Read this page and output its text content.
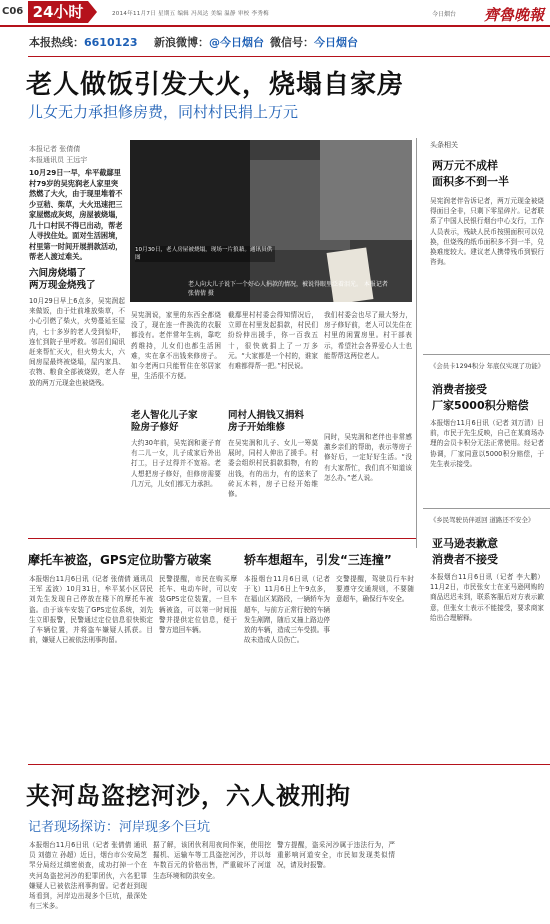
C06 24小时	2014年11月7日 星期五 编辑 冯凤达 美编 温静 审校 李秀梅	今日烟台 齊魯晚報
本报热线：6610123 新浪微博：@今日烟台 微信号：今日烟台
老人做饭引发大火，烧塌自家房
儿女无力承担修房费，同村村民捐上万元
本报记者 张倩倩
本报通讯员 王远宇
10月29日一早，牟平截鄢里村79岁的吴宪润老人家里突然燃了大火，由于现里堆着不少豆秸、柴草，大火迅速把三家屋燃成灰烬，房屋被烧塌，几十口村民不得已出动，帮老人寻找住处。面对生活困境，村里第一时间开展捐款活动，帮老人渡过难关。
六间房烧塌了
两万现金烧残了
10月29日早上6点多，吴宪润起来做饭，由于灶前堆放柴草，不小心引燃了柴火，火势蔓延至屋内，七十多岁的老人受到惊吓，连忙到院子里呼救。邻居们闻讯赶来帮忙灭火，但火势太大，六间房屋最终被烧塌，屋内家具、衣物、粮食全部被烧毁，老人存放的两万元现金也被烧残。
10月30日，老人房屋被烧塌，现场一片狼藉。通讯员供图
老人向大儿子说下一个好心人捐款的情况，被说得眼里泛着泪光。 本报记者 张倩倩 摄
吴宪润说，家里的东西全都烧没了，现在连一件换洗的衣服都没有。老伴常年生病，靠吃药维持，儿女们也都生活困难，实在拿不出钱来修房子。如今老两口只能暂住在邻居家里，生活很不方便。
老人智化儿子家
险房子修好
大约30年前，吴宪润和妻子育有二儿一女，儿子成家后外出打工，日子过得并不宽裕。老人想把房子修好，但修房需要几万元，儿女们都无力承担。
截鄢里村村委会得知情况后，立即在村里发起捐款，村民们纷纷伸出援手，你一百我五十，很快就捐上了一万多元。“大家都是一个村的，谁家有难都得帮一把。”村民说。
同村人捐钱又捐料
房子开始维修
在吴宪润和儿子、女儿一筹莫展时，同村人伸出了援手。村委会组织村民捐款捐物，有的出钱，有的出力，有的送来了砖瓦木料，房子已经开始维修。
我们村委会也尽了最大努力，房子修好前，老人可以先住在村里的闲置房里。村干部表示，希望社会各界爱心人士也能帮帮这两位老人。
同时，吴宪润和老伴也非常感激乡亲们的帮助，表示等房子修好后，一定好好生活。“没有大家帮忙，我们真不知道该怎么办。”老人说。
头条相关
两万元不成样
面积多不到一半
吴宪润老伴告诉记者，两万元现金被烧得面目全非，只剩下零星碎片。记者联系了中国人民银行烟台中心支行，工作人员表示，残缺人民币按照面积可以兑换，但烧残的纸币面积多不到一半，兑换难度较大。建议老人携带残币到银行咨询。
《会员卡1294积分 年底仅实现了功能》
消费者接受
厂家5000积分赔偿
本报烟台11月6日讯（记者 刘万清）日前，市民于先生反映，自己在某商场办理的会员卡积分无法正常使用。经记者协调，厂家同意以5000积分赔偿，于先生表示接受。
《乡民驾驶员伴返回 道路还不安全》
亚马逊表歉意
消费者不接受
本报烟台11月6日讯（记者 李大鹏）11月2日，市民张女士在亚马逊网购的商品迟迟未到，联系客服后对方表示歉意，但张女士表示不能接受，要求商家给出合理解释。
摩托车被盗，GPS定位助警方破案
本报烟台11月6日讯（记者 张倩倩 通讯员 王军 孟波）10月31日，牟平某小区居民刘先生发现自己停放在楼下的摩托车被盗。由于该车安装了GPS定位系统，刘先生立即报警，民警通过定位信息很快锁定了车辆位置，并将盗车嫌疑人抓获。目前，嫌疑人已被依法刑事拘留。
民警提醒，市民在购买摩托车、电动车时，可以安装GPS定位装置，一旦车辆被盗，可以第一时间报警并提供定位信息，便于警方追回车辆。
轿车想超车，引发“三连撞”
本报烟台11月6日讯（记者 于飞）11月6日上午9点多，在福山区某路段，一辆轿车为超车，与前方正常行驶的车辆发生剐蹭，随后又撞上路边停放的车辆，造成三车受损。事故未造成人员伤亡。
交警提醒，驾驶员行车时要遵守交通规则，不要随意超车，确保行车安全。
夹河岛盗挖河沙，六人被刑拘
记者现场探访：河岸现多个巨坑
本报烟台11月6日讯（记者 张倩倩 通讯员 刘德立 孙超）近日，烟台市公安局芝罘分局经过缜密侦查，成功打掉一个在夹河岛盗挖河沙的犯罪团伙，六名犯罪嫌疑人已被依法刑事拘留。记者赶到现场看到，河岸边出现多个巨坑，最深处有三米多。
据了解，该团伙利用夜间作案，使用挖掘机、运输车等工具盗挖河沙，并以每车数百元的价格出售，严重破坏了河道生态环境和防洪安全。
警方提醒，盗采河沙属于违法行为，严重影响河道安全，市民如发现类似情况，请及时报警。
